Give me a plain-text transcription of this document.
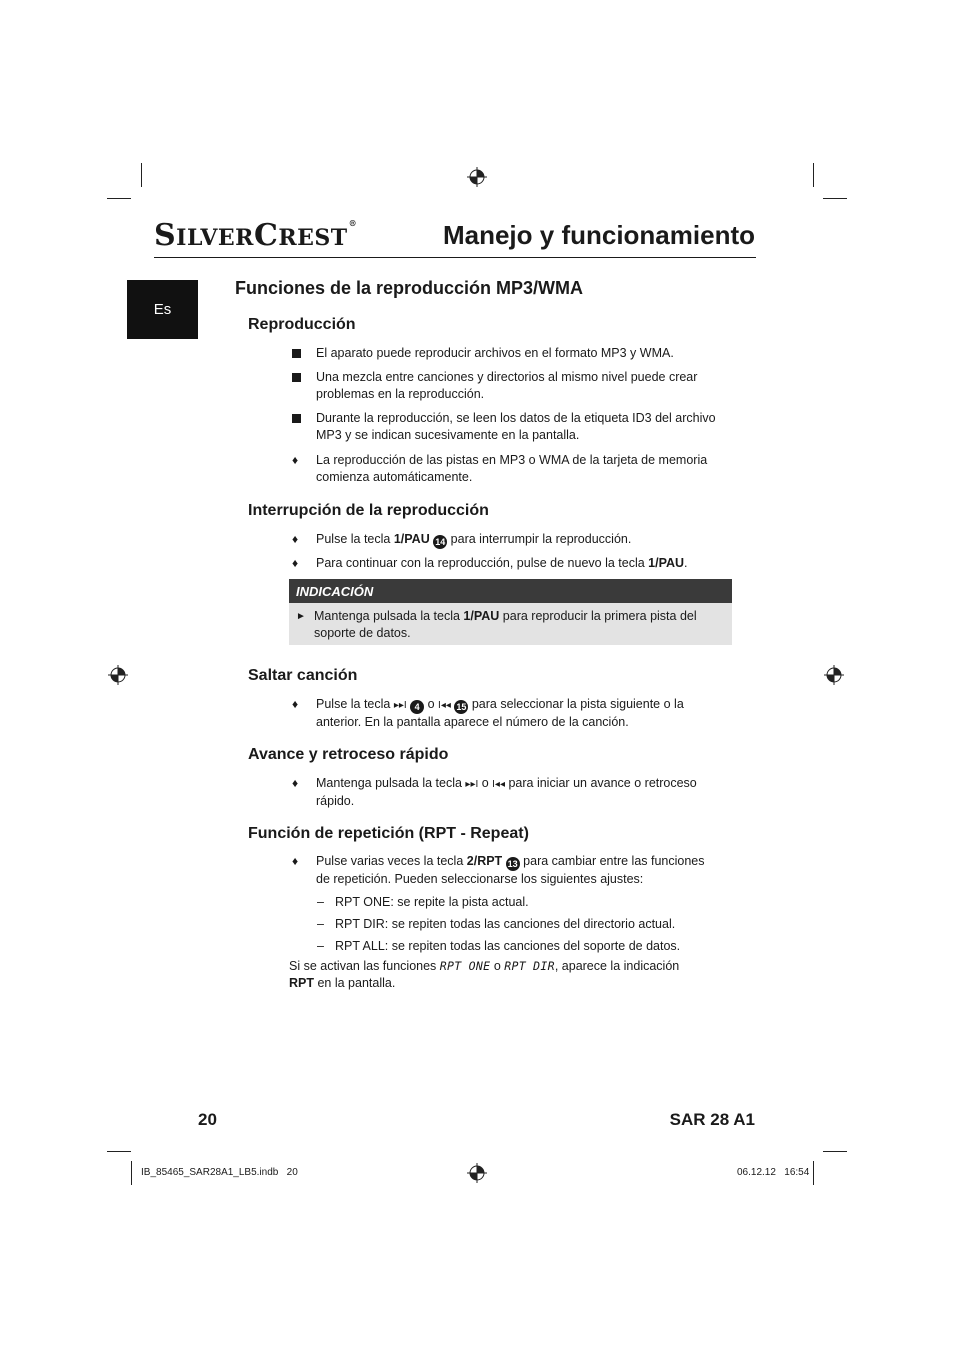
SILVERCREST®	Manejo y funcionamiento
Es
Funciones de la reproducción MP3/WMA
Reproducción
El aparato puede reproducir archivos en el formato MP3 y WMA.
Una mezcla entre canciones y directorios al mismo nivel puede crear problemas en la reproducción.
Durante la reproducción, se leen los datos de la etiqueta ID3 del archivo MP3 y se indican sucesivamente en la pantalla.
♦ La reproducción de las pistas en MP3 o WMA de la tarjeta de memoria comienza automáticamente.
Interrupción de la reproducción
♦ Pulse la tecla 1/PAU 14 para interrumpir la reproducción.
♦ Para continuar con la reproducción, pulse de nuevo la tecla 1/PAU.
INDICACIÓN
► Mantenga pulsada la tecla 1/PAU para reproducir la primera pista del soporte de datos.
Saltar canción
♦ Pulse la tecla ▸▸I 4 o I◂◂ 15 para seleccionar la pista siguiente o la anterior. En la pantalla aparece el número de la canción.
Avance y retroceso rápido
♦ Mantenga pulsada la tecla ▸▸I o I◂◂ para iniciar un avance o retroceso rápido.
Función de repetición (RPT - Repeat)
♦ Pulse varias veces la tecla 2/RPT 13 para cambiar entre las funciones de repetición. Pueden seleccionarse los siguientes ajustes:
– RPT ONE: se repite la pista actual.
– RPT DIR: se repiten todas las canciones del directorio actual.
– RPT ALL: se repiten todas las canciones del soporte de datos.
Si se activan las funciones RPT ONE o RPT DIR, aparece la indicación RPT en la pantalla.
20	SAR 28 A1
IB_85465_SAR28A1_LB5.indb   20	06.12.12   16:54
